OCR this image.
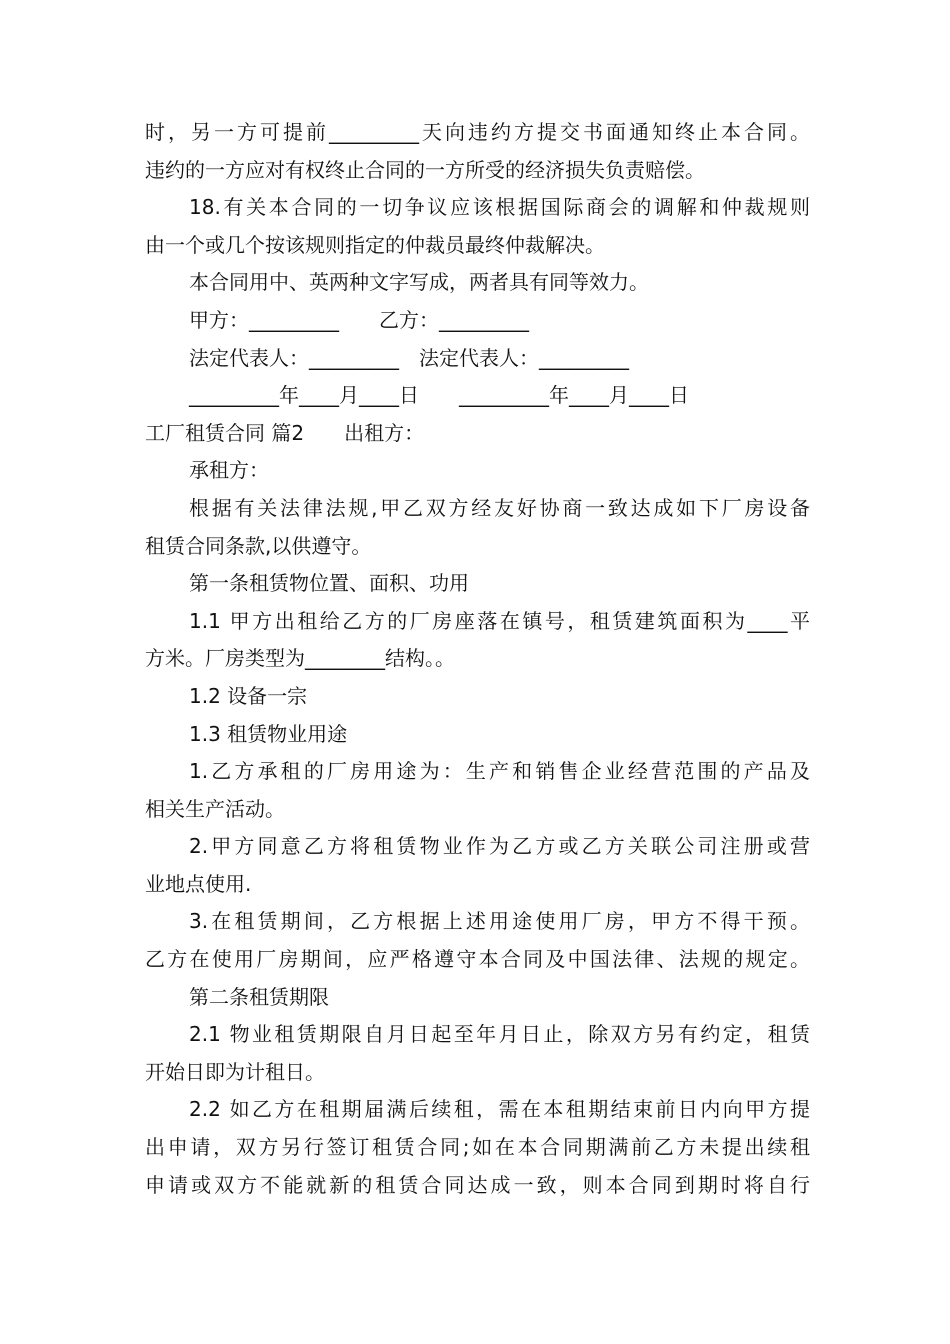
时，另一方可提前_________天向违约方提交书面通知终止本合同。

违约的一方应对有权终止合同的一方所受的经济损失负责赔偿。

18.有关本合同的一切争议应该根据国际商会的调解和仲裁规则

由一个或几个按该规则指定的仲裁员最终仲裁解决。

本合同用中、英两种文字写成，两者具有同等效力。

甲方：_________　　乙方：_________

法定代表人：_________　法定代表人：_________

_________年____月____日　　_________年____月____日

工厂租赁合同 篇2　　出租方：

承租方：

根据有关法律法规,甲乙双方经友好协商一致达成如下厂房设备

租赁合同条款,以供遵守。

第一条租赁物位置、面积、功用

1.1 甲方出租给乙方的厂房座落在镇号，租赁建筑面积为____平

方米。厂房类型为________结构。。

1.2 设备一宗

1.3 租赁物业用途

1.乙方承租的厂房用途为：生产和销售企业经营范围的产品及

相关生产活动。

2.甲方同意乙方将租赁物业作为乙方或乙方关联公司注册或营

业地点使用.

3.在租赁期间，乙方根据上述用途使用厂房，甲方不得干预。

乙方在使用厂房期间，应严格遵守本合同及中国法律、法规的规定。

第二条租赁期限

2.1 物业租赁期限自月日起至年月日止，除双方另有约定，租赁

开始日即为计租日。

2.2 如乙方在租期届满后续租，需在本租期结束前日内向甲方提

出申请，双方另行签订租赁合同;如在本合同期满前乙方未提出续租

申请或双方不能就新的租赁合同达成一致，则本合同到期时将自行
